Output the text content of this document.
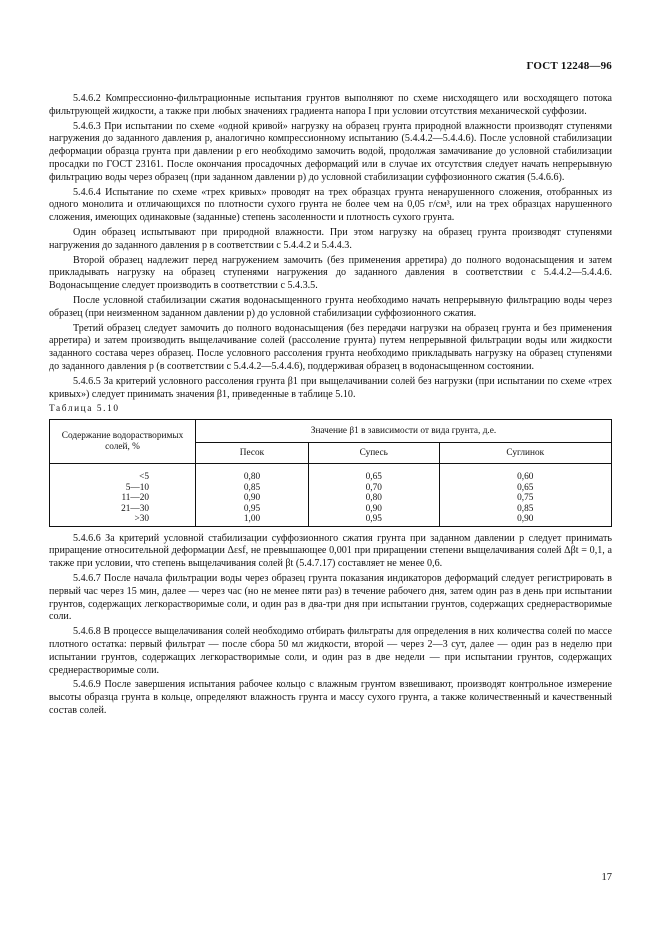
ГОСТ 12248—96

5.4.6.2 Компрессионно-фильтрационные испытания грунтов выполняют по схеме нисходящего или восходящего потока фильтрующей жидкости, а также при любых значениях градиента напора I при условии отсутствия механической суффозии.

5.4.6.3 При испытании по схеме «одной кривой» нагрузку на образец грунта природной влажности производят ступенями нагружения до заданного давления p, аналогично компрессионному испытанию (5.4.4.2—5.4.4.6). После условной стабилизации деформации образца грунта при давлении p его необходимо замочить водой, продолжая замачивание до условной стабилизации просадки по ГОСТ 23161. После окончания просадочных деформаций или в случае их отсутствия следует начать непрерывную фильтрацию воды через образец (при заданном давлении p) до условной стабилизации суффозионного сжатия (5.4.6.6).

5.4.6.4 Испытание по схеме «трех кривых» проводят на трех образцах грунта ненарушенного сложения, отобранных из одного монолита и отличающихся по плотности сухого грунта не более чем на 0,05 г/см³, или на трех образцах нарушенного сложения, имеющих одинаковые (заданные) степень засоленности и плотность сухого грунта.

Один образец испытывают при природной влажности. При этом нагрузку на образец грунта производят ступенями нагружения до заданного давления p в соответствии с 5.4.4.2 и 5.4.4.3.

Второй образец надлежит перед нагружением замочить (без применения арретира) до полного водонасыщения и затем прикладывать нагрузку на образец ступенями нагружения до заданного давления в соответствии с 5.4.4.2—5.4.4.6. Водонасыщение следует производить в соответствии с 5.4.3.5.

После условной стабилизации сжатия водонасыщенного грунта необходимо начать непрерывную фильтрацию воды через образец (при неизменном заданном давлении p) до условной стабилизации суффозионного сжатия.

Третий образец следует замочить до полного водонасыщения (без передачи нагрузки на образец грунта и без применения арретира) и затем производить выщелачивание солей (рассоление грунта) путем непрерывной фильтрации воды или жидкости заданного состава через образец. После условного рассоления грунта необходимо прикладывать нагрузку на образец ступенями до заданного давления p (в соответствии с 5.4.4.2—5.4.4.6), поддерживая образец в водонасыщенном состоянии.

5.4.6.5 За критерий условного рассоления грунта β1 при выщелачивании солей без нагрузки (при испытании по схеме «трех кривых») следует принимать значения β1, приведенные в таблице 5.10.

Таблица 5.10
Содержание водорастворимых солей, %	Значение β1 в зависимости от вида грунта, д.е.		
	Песок	Супесь	Суглинок
<5	0,80	0,65	0,60
5—10	0,85	0,70	0,65
11—20	0,90	0,80	0,75
21—30	0,95	0,90	0,85
>30	1,00	0,95	0,90

5.4.6.6 За критерий условной стабилизации суффозионного сжатия грунта при заданном давлении p следует принимать приращение относительной деформации Δεsf, не превышающее 0,001 при приращении степени выщелачивания солей Δβt = 0,1, а также при условии, что степень выщелачивания солей βt (5.4.7.17) составляет не менее 0,6.

5.4.6.7 После начала фильтрации воды через образец грунта показания индикаторов деформаций следует регистрировать в первый час через 15 мин, далее — через час (но не менее пяти раз) в течение рабочего дня, затем один раз в день при испытании грунтов, содержащих легкорастворимые соли, и один раз в два-три дня при испытании грунтов, содержащих среднерастворимые соли.

5.4.6.8 В процессе выщелачивания солей необходимо отбирать фильтраты для определения в них количества солей по массе плотного остатка: первый фильтрат — после сбора 50 мл жидкости, второй — через 2—3 сут, далее — один раз в неделю при испытании грунтов, содержащих легкорастворимые соли, и один раз в две недели — при испытании грунтов, содержащих среднерастворимые соли.

5.4.6.9 После завершения испытания рабочее кольцо с влажным грунтом взвешивают, производят контрольное измерение высоты образца грунта в кольце, определяют влажность грунта и массу сухого грунта, а также количественный и качественный состав солей.

17
